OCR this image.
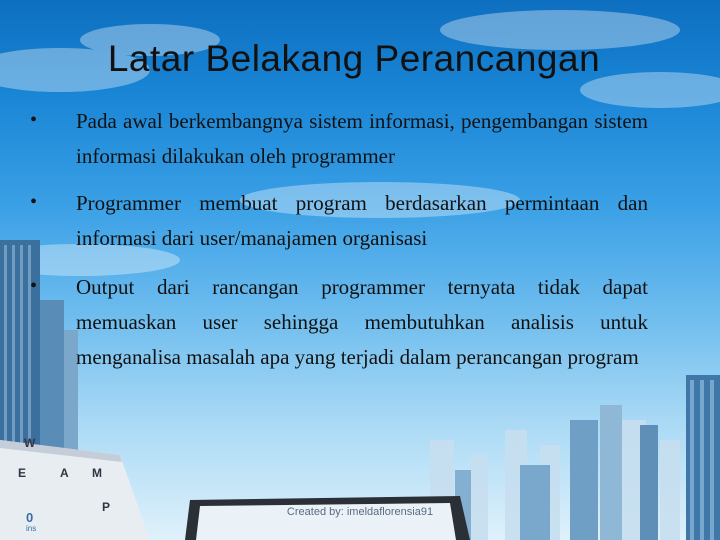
W
E	A M
P
0
ins
Latar Belakang Perancangan
• Pada awal berkembangnya sistem informasi, pengembangan sistem informasi dilakukan oleh programmer
• Programmer membuat program berdasarkan permintaan dan informasi dari user/manajamen organisasi
• Output dari rancangan programmer ternyata tidak dapat memuaskan user sehingga membutuhkan analisis untuk menganalisa masalah apa yang terjadi dalam perancangan program
Created by: imeldaflorensia91
